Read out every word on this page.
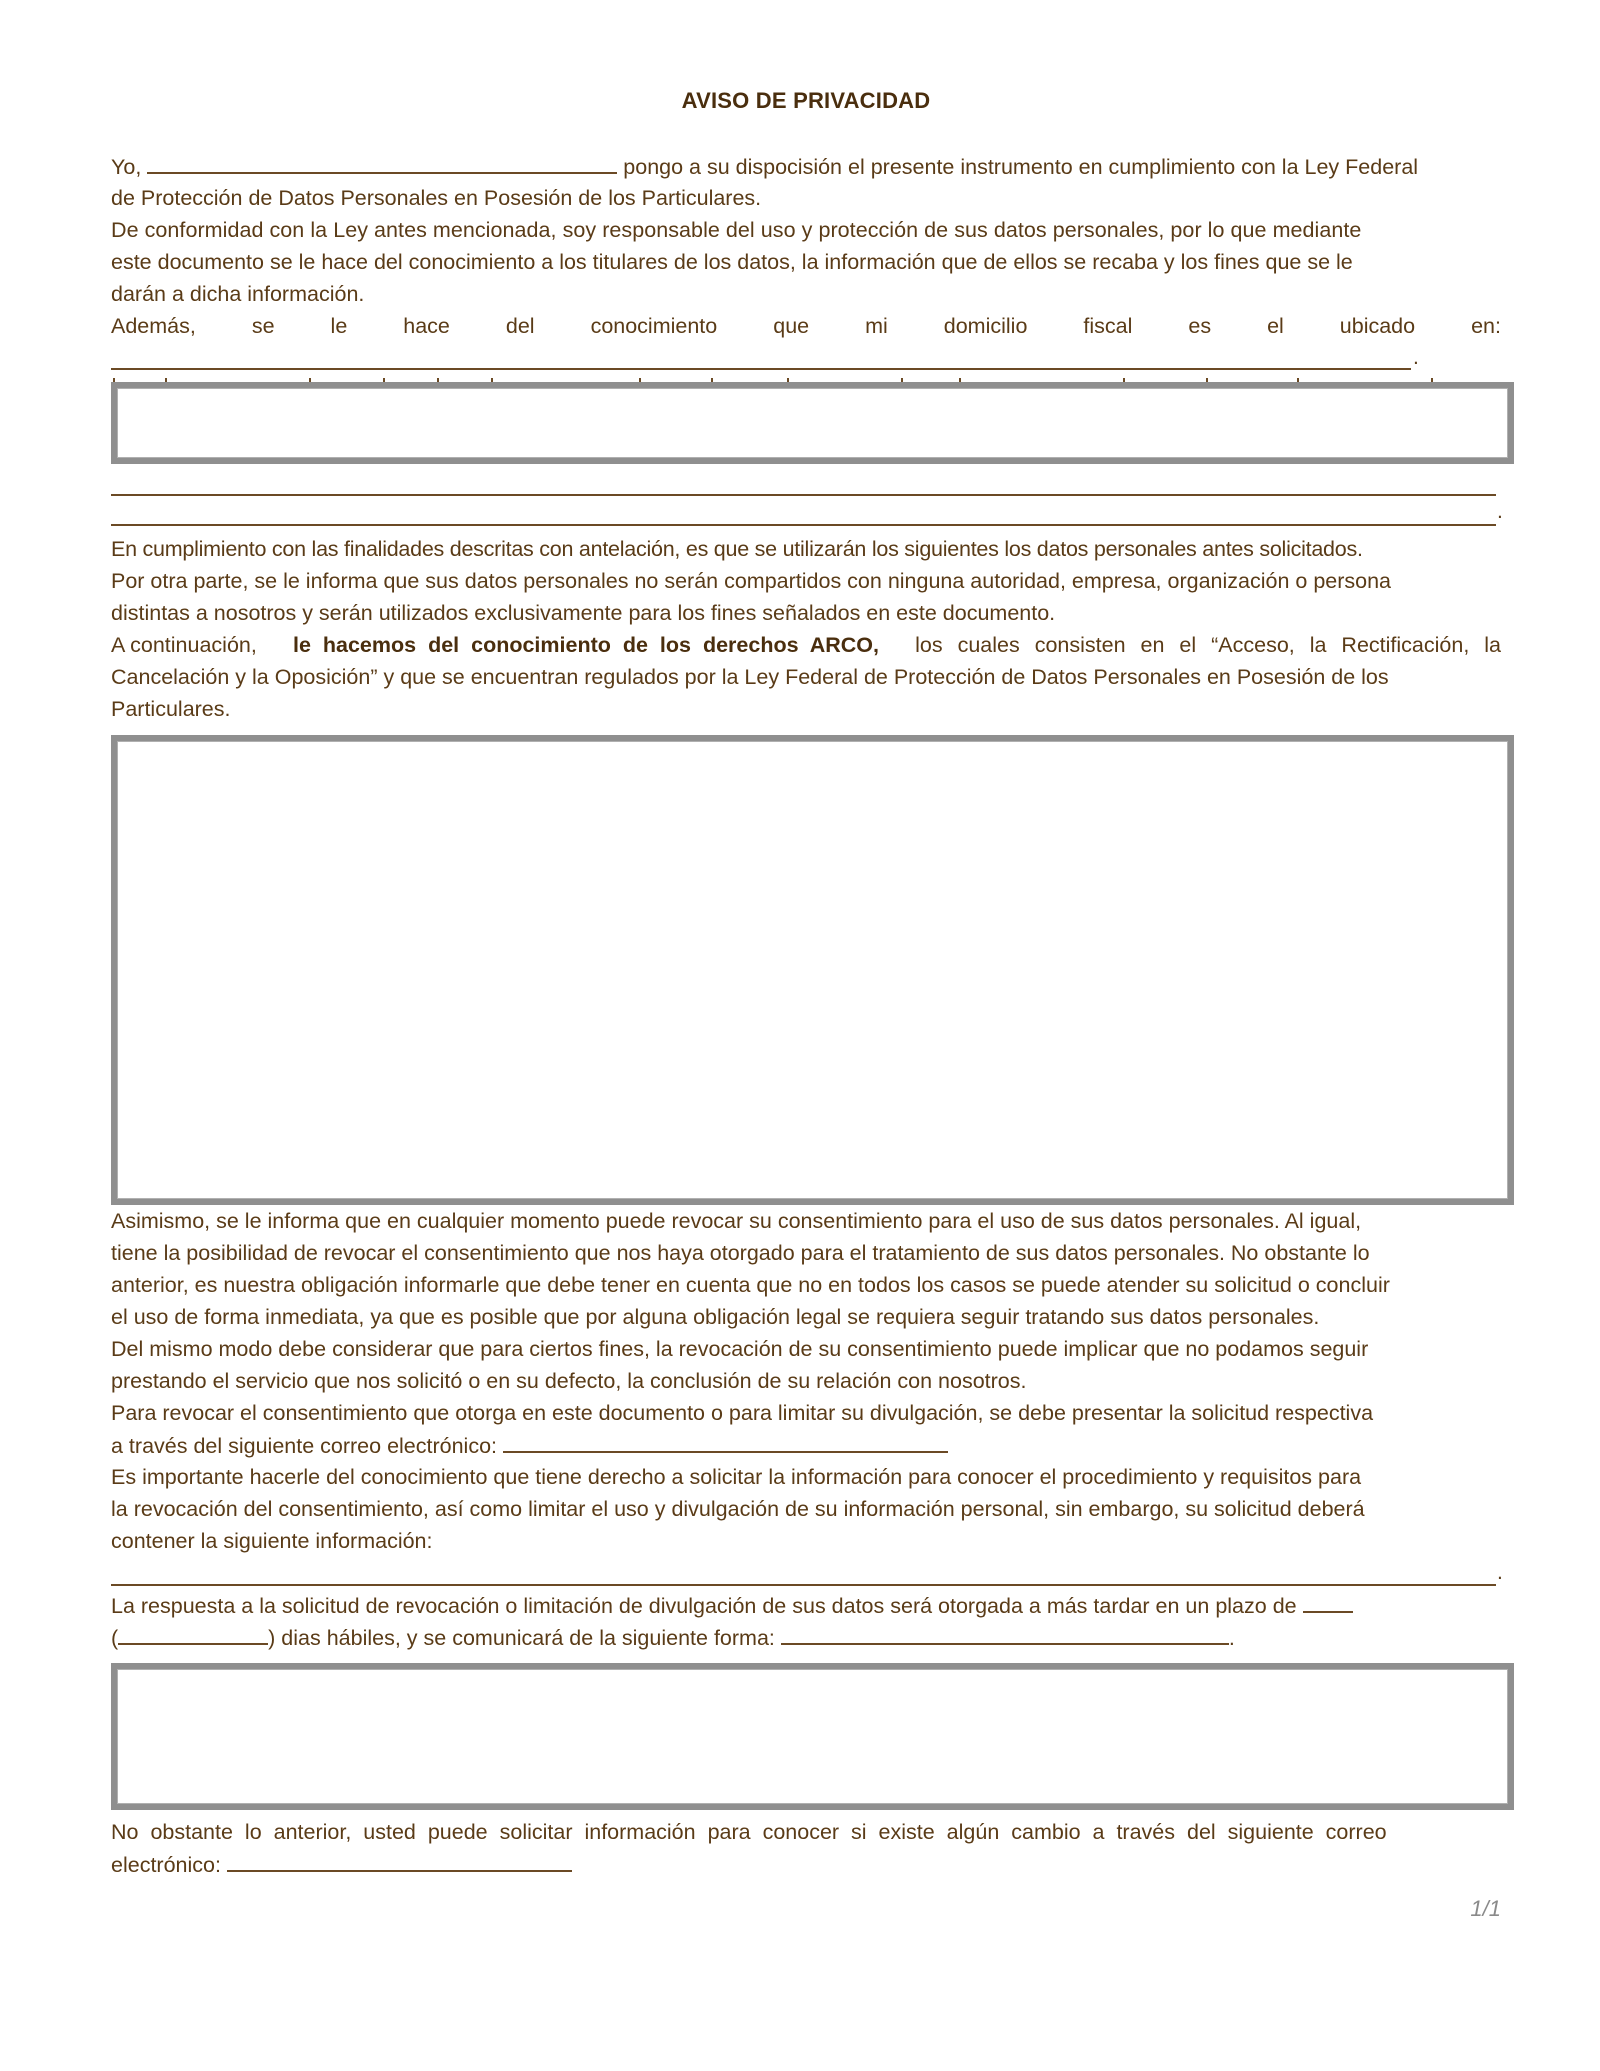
AVISO DE PRIVACIDAD
Yo,	pongo a su dispocisión el presente instrumento en cumplimiento con la Ley Federal
de Protección de Datos Personales en Posesión de los Particulares.
De conformidad con la Ley antes mencionada, soy responsable del uso y protección de sus datos personales, por lo que mediante
este documento se le hace del conocimiento a los titulares de los datos, la información que de ellos se recaba y los fines que se le
darán a dicha información.
Además,	se	le	hace	del	conocimiento	que	mi	domicilio	fiscal	es	el	ubicado	en:
.
.
En cumplimiento con las finalidades descritas con antelación, es que se utilizarán los siguientes los datos personales antes solicitados.
Por otra parte, se le informa que sus datos personales no serán compartidos con ninguna autoridad, empresa, organización o persona
distintas a nosotros y serán utilizados exclusivamente para los fines señalados en este documento.
A continuación, le hacemos del conocimiento de los derechos ARCO, los cuales consisten en el “Acceso, la Rectificación, la
Cancelación y la Oposición” y que se encuentran regulados por la Ley Federal de Protección de Datos Personales en Posesión de los
Particulares.
Asimismo, se le informa que en cualquier momento puede revocar su consentimiento para el uso de sus datos personales. Al igual,
tiene la posibilidad de revocar el consentimiento que nos haya otorgado para el tratamiento de sus datos personales. No obstante lo
anterior, es nuestra obligación informarle que debe tener en cuenta que no en todos los casos se puede atender su solicitud o concluir
el uso de forma inmediata, ya que es posible que por alguna obligación legal se requiera seguir tratando sus datos personales.
Del mismo modo debe considerar que para ciertos fines, la revocación de su consentimiento puede implicar que no podamos seguir
prestando el servicio que nos solicitó o en su defecto, la conclusión de su relación con nosotros.
Para revocar el consentimiento que otorga en este documento o para limitar su divulgación, se debe presentar la solicitud respectiva
a través del siguiente correo electrónico:
Es importante hacerle del conocimiento que tiene derecho a solicitar la información para conocer el procedimiento y requisitos para
la revocación del consentimiento, así como limitar el uso y divulgación de su información personal, sin embargo, su solicitud deberá
contener la siguiente información:
.
La respuesta a la solicitud de revocación o limitación de divulgación de sus datos será otorgada a más tardar en un plazo de
(	) dias hábiles, y se comunicará de la siguiente forma:	.
No obstante lo anterior, usted puede solicitar información para conocer si existe algún cambio a través del siguiente correo
electrónico:
1/1
